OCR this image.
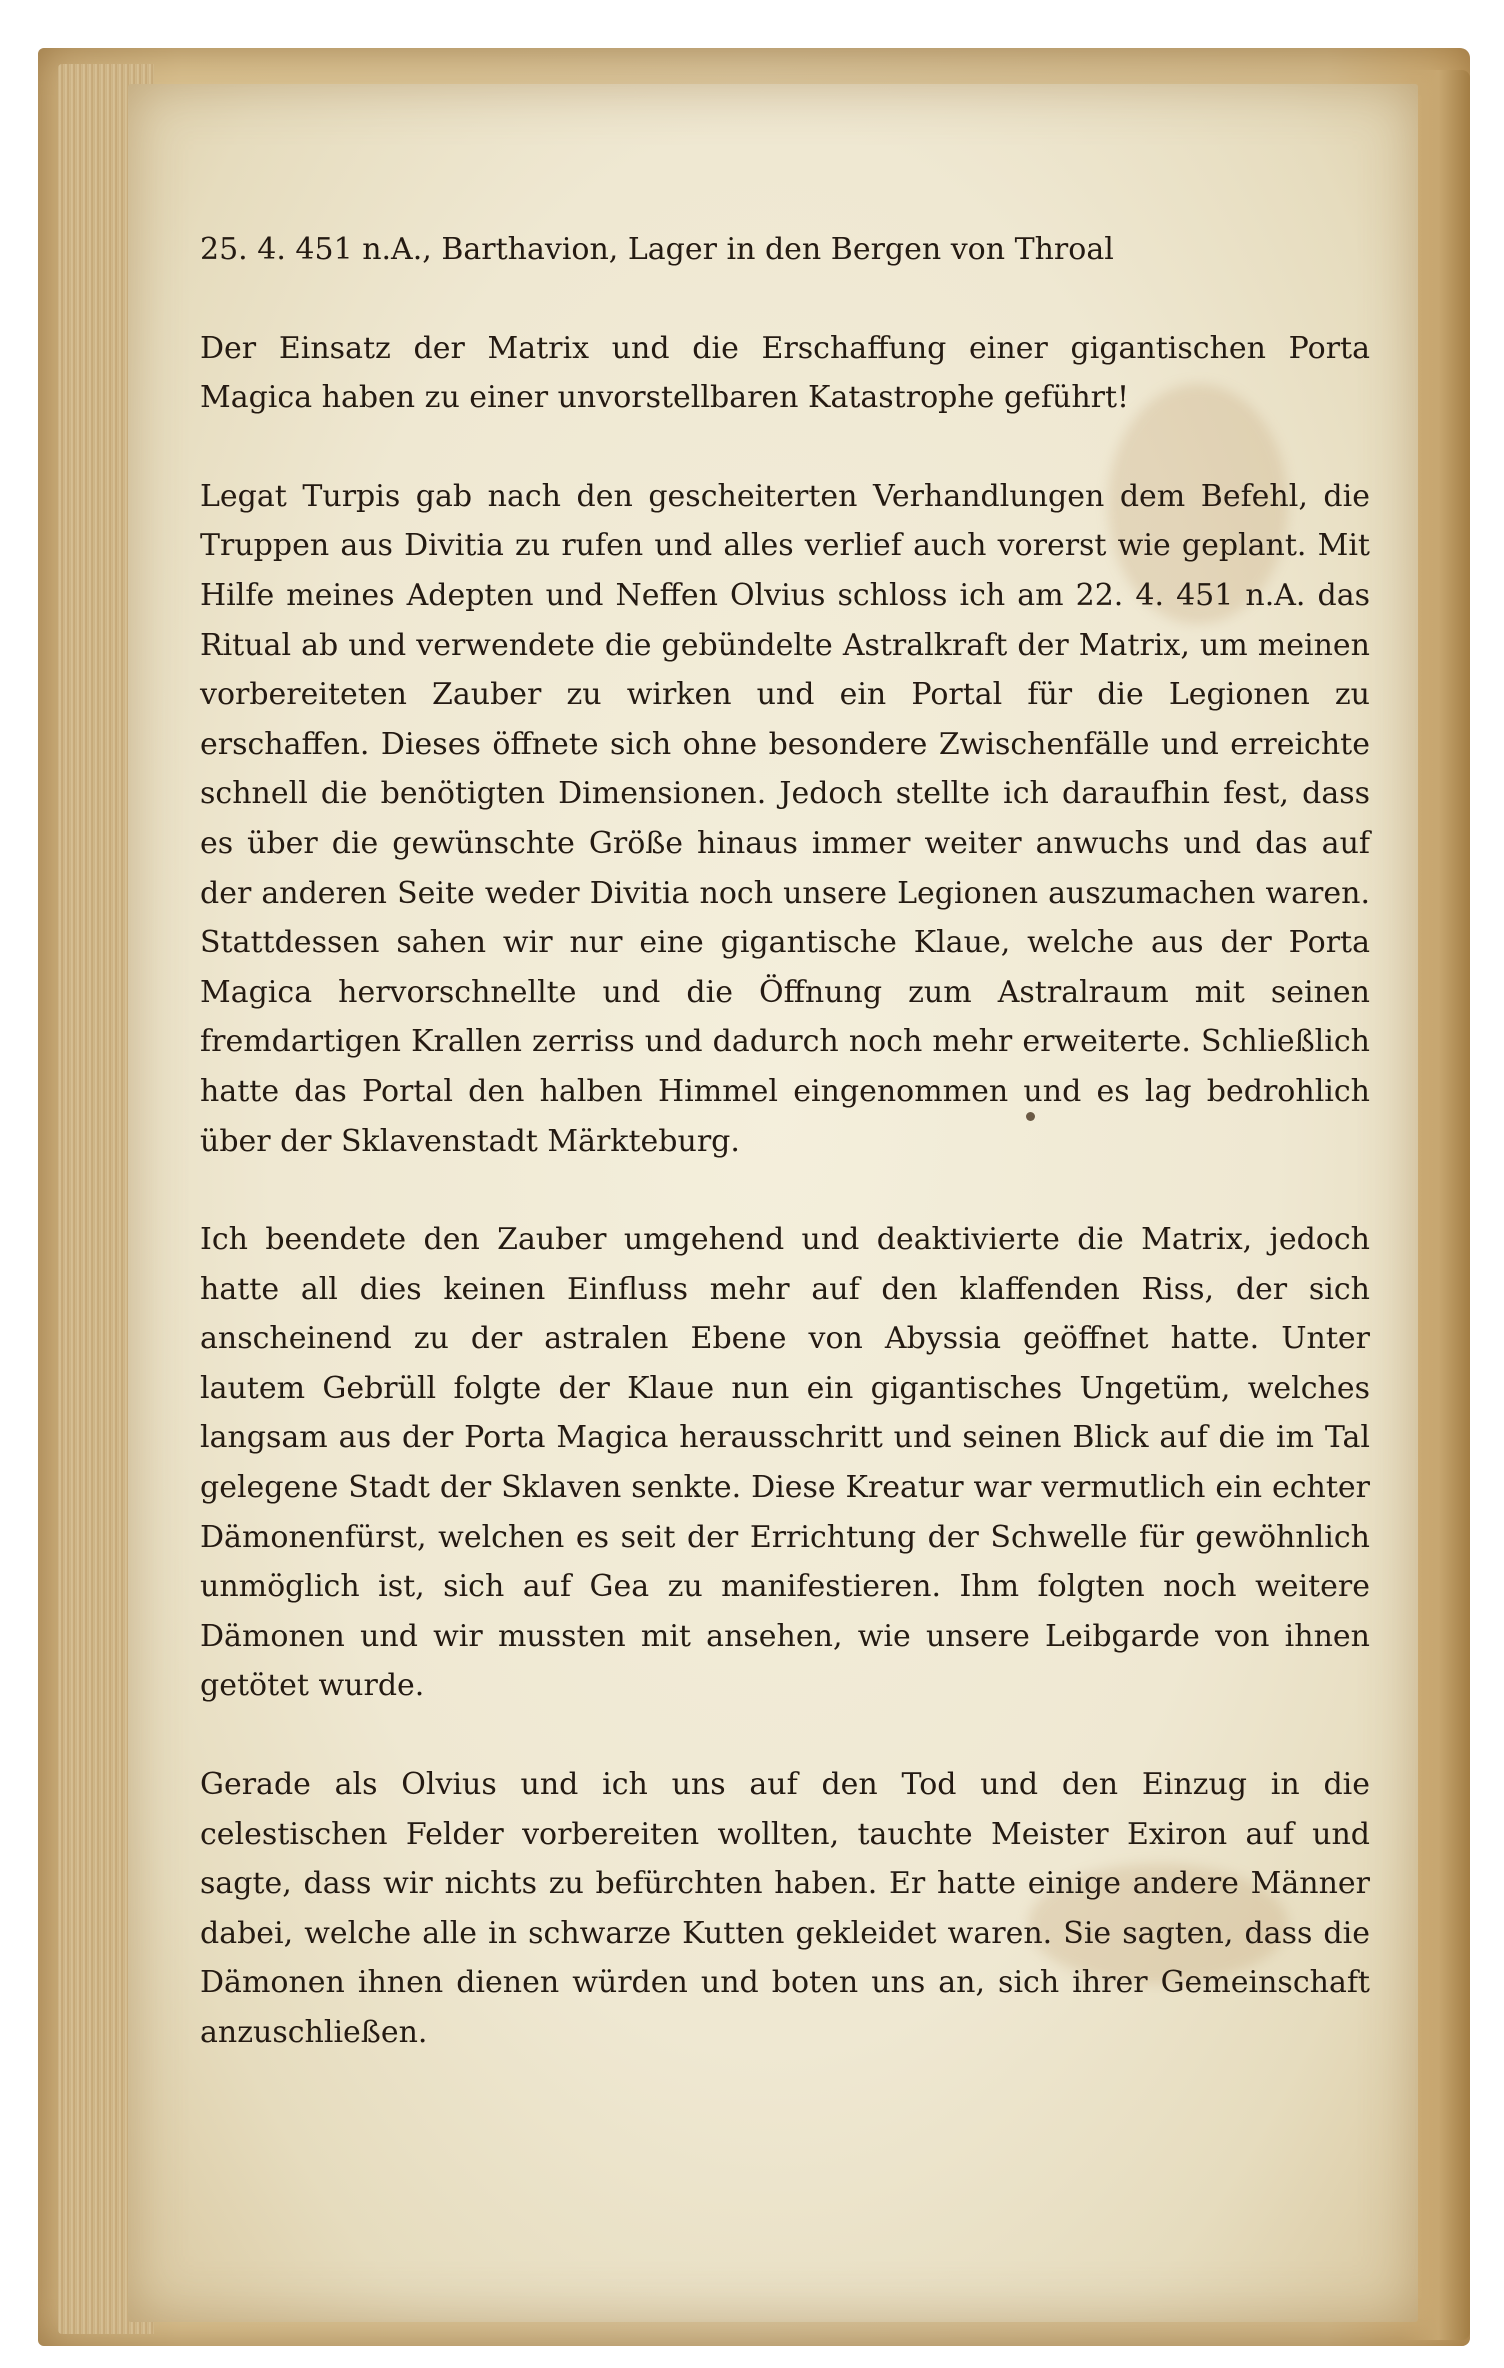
25. 4. 451 n.A., Barthavion, Lager in den Bergen von Throal

Der Einsatz der Matrix und die Erschaffung einer gigantischen Porta Magica haben zu einer unvorstellbaren Katastrophe geführt!

Legat Turpis gab nach den gescheiterten Verhandlungen dem Befehl, die Truppen aus Divitia zu rufen und alles verlief auch vorerst wie geplant. Mit Hilfe meines Adepten und Neffen Olvius schloss ich am 22. 4. 451 n.A. das Ritual ab und verwendete die gebündelte Astralkraft der Matrix, um meinen vorbereiteten Zauber zu wirken und ein Portal für die Legionen zu erschaffen. Dieses öffnete sich ohne besondere Zwischenfälle und erreichte schnell die benötigten Dimensionen. Jedoch stellte ich daraufhin fest, dass es über die gewünschte Größe hinaus immer weiter anwuchs und das auf der anderen Seite weder Divitia noch unsere Legionen auszumachen waren. Stattdessen sahen wir nur eine gigantische Klaue, welche aus der Porta Magica hervorschnellte und die Öffnung zum Astralraum mit seinen fremdartigen Krallen zerriss und dadurch noch mehr erweiterte. Schließlich hatte das Portal den halben Himmel eingenommen und es lag bedrohlich über der Sklavenstadt Märkteburg.

Ich beendete den Zauber umgehend und deaktivierte die Matrix, jedoch hatte all dies keinen Einfluss mehr auf den klaffenden Riss, der sich anscheinend zu der astralen Ebene von Abyssia geöffnet hatte. Unter lautem Gebrüll folgte der Klaue nun ein gigantisches Ungetüm, welches langsam aus der Porta Magica herausschritt und seinen Blick auf die im Tal gelegene Stadt der Sklaven senkte. Diese Kreatur war vermutlich ein echter Dämonenfürst, welchen es seit der Errichtung der Schwelle für gewöhnlich unmöglich ist, sich auf Gea zu manifestieren. Ihm folgten noch weitere Dämonen und wir mussten mit ansehen, wie unsere Leibgarde von ihnen getötet wurde.

Gerade als Olvius und ich uns auf den Tod und den Einzug in die celestischen Felder vorbereiten wollten, tauchte Meister Exiron auf und sagte, dass wir nichts zu befürchten haben. Er hatte einige andere Männer dabei, welche alle in schwarze Kutten gekleidet waren. Sie sagten, dass die Dämonen ihnen dienen würden und boten uns an, sich ihrer Gemeinschaft anzuschließen.
